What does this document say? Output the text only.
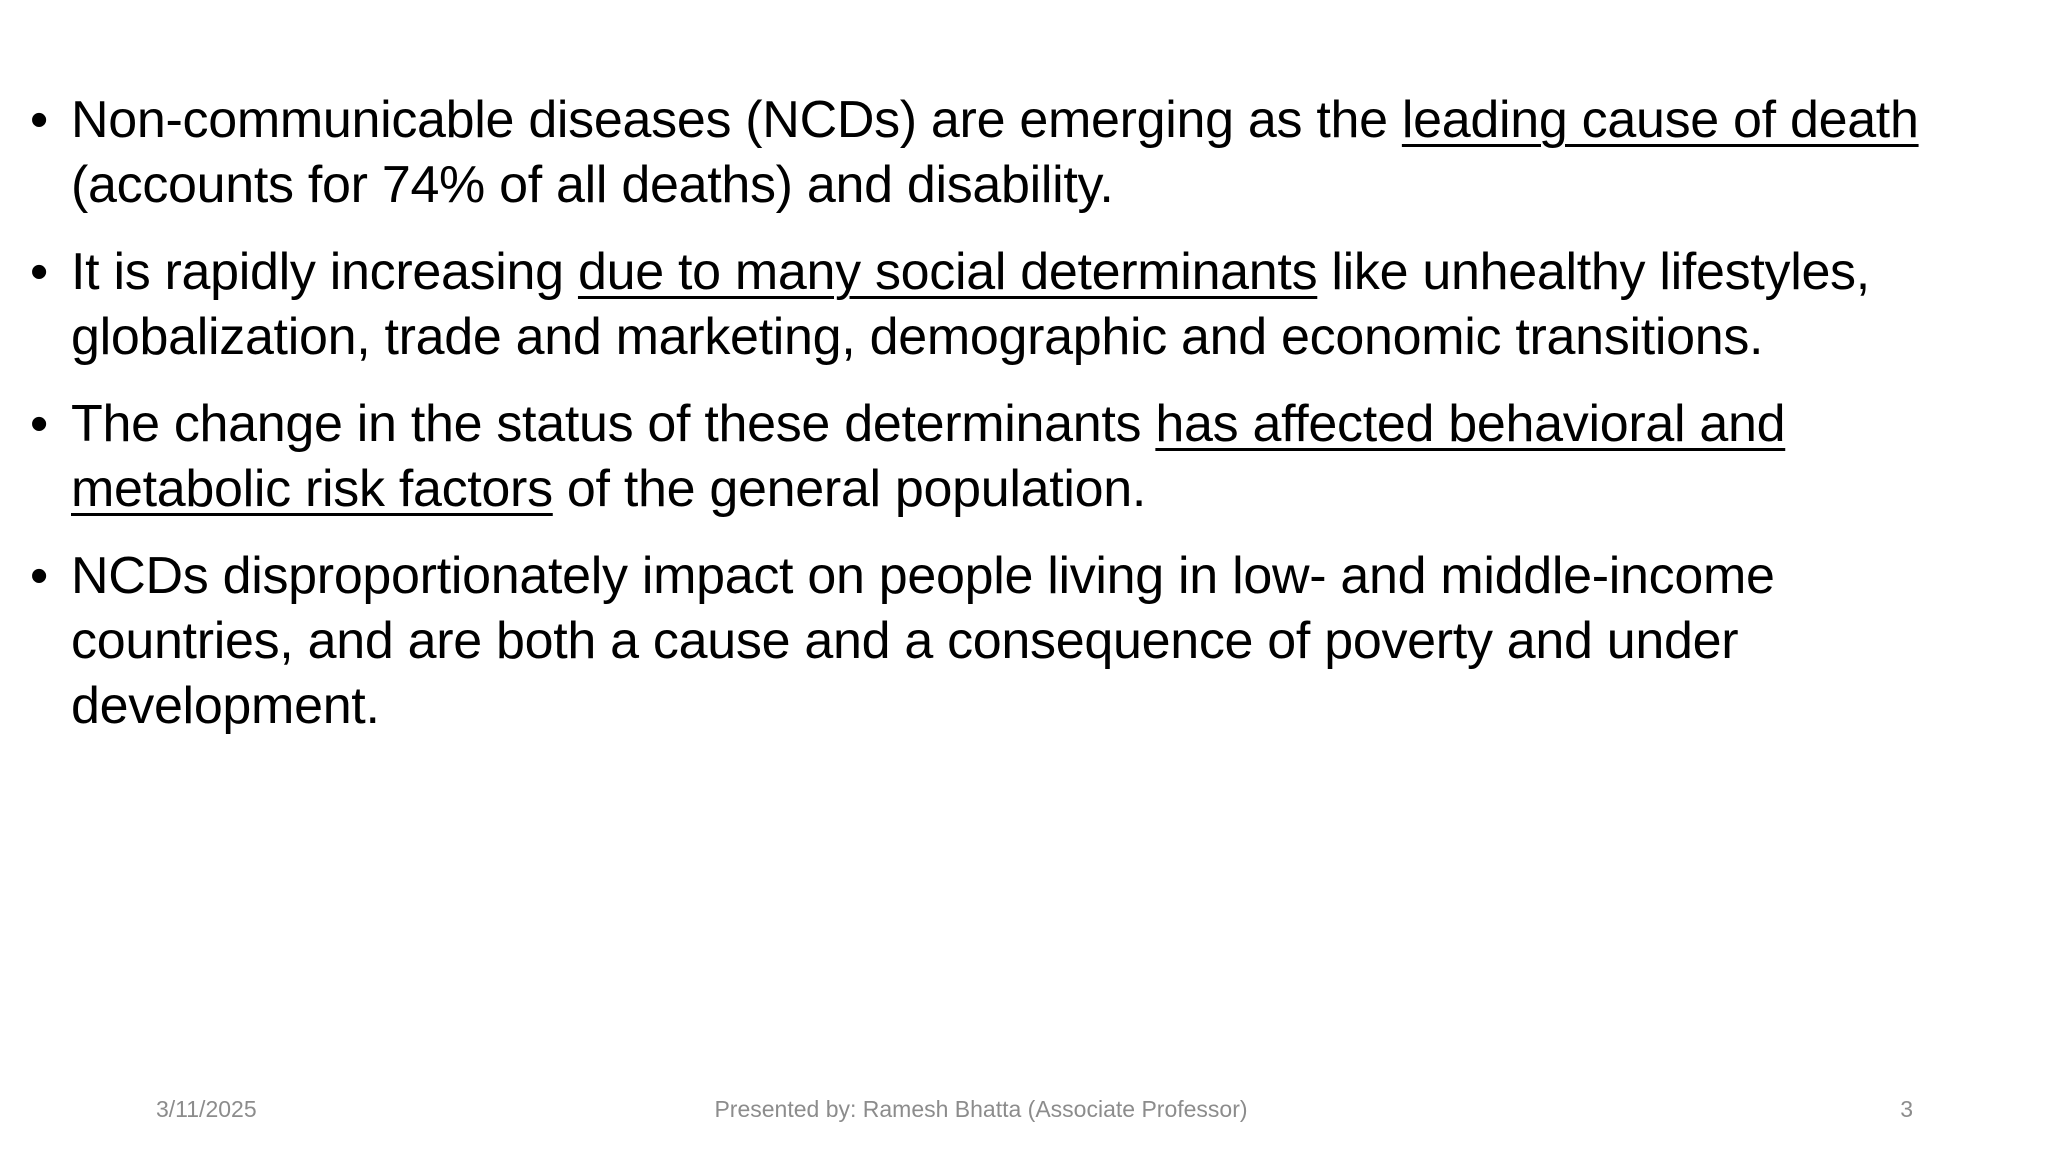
• Non-communicable diseases (NCDs) are emerging as the leading cause of death (accounts for 74% of all deaths) and disability.
• It is rapidly increasing due to many social determinants like unhealthy lifestyles, globalization, trade and marketing, demographic and economic transitions.
• The change in the status of these determinants has affected behavioral and metabolic risk factors of the general population.
• NCDs disproportionately impact on people living in low- and middle-income countries, and are both a cause and a consequence of poverty and under development.
3/11/2025	Presented by: Ramesh Bhatta (Associate Professor)	3
